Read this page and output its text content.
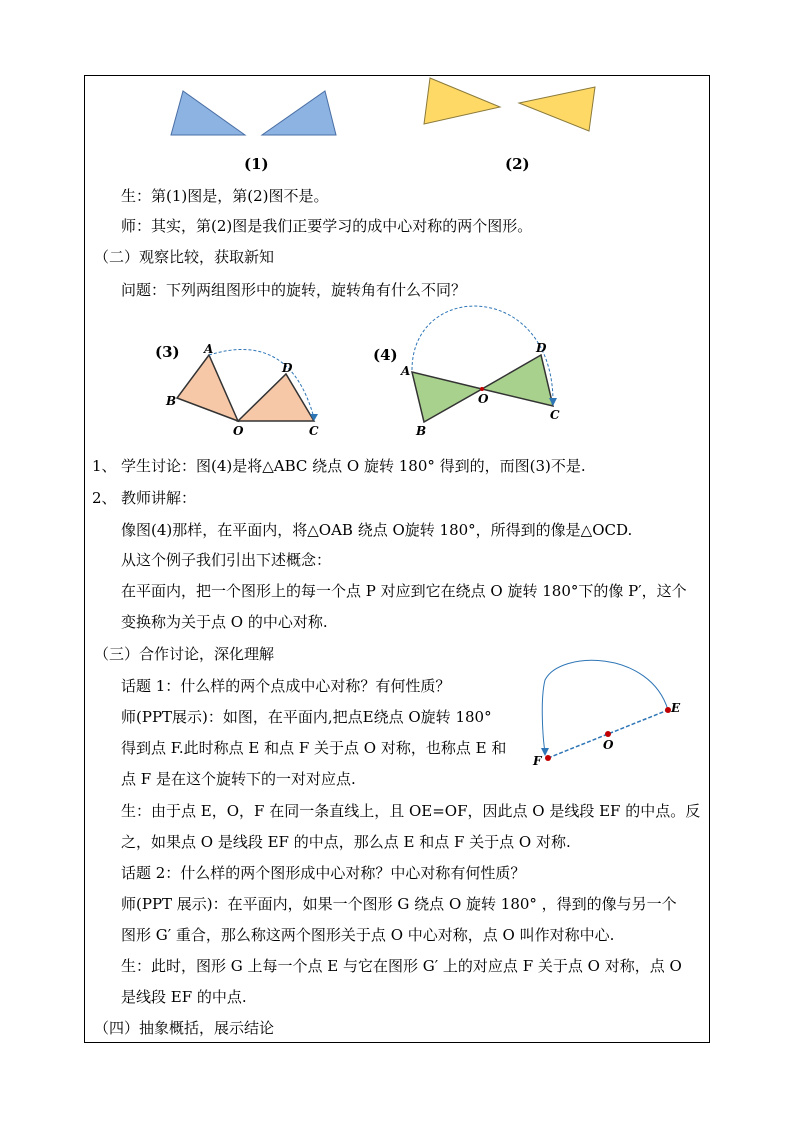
(1)	(2)
生：第(1)图是，第(2)图不是。
师：其实，第(2)图是我们正要学习的成中心对称的两个图形。
（二）观察比较，获取新知
问题：下列两组图形中的旋转，旋转角有什么不同？
(3) A
B
O
D
C
(4)
A
B
O
D
C
1、 学生讨论：图(4)是将△ABC 绕点 O 旋转 180° 得到的，而图(3)不是.
2、 教师讲解：
像图(4)那样，在平面内，将△OAB 绕点 O旋转 180°，所得到的像是△OCD.
从这个例子我们引出下述概念：
在平面内，把一个图形上的每一个点 P 对应到它在绕点 O 旋转 180°下的像 P′，这个
变换称为关于点 O 的中心对称.
（三）合作讨论，深化理解
话题 1：什么样的两个点成中心对称？有何性质？
师(PPT展示)：如图，在平面内,把点E绕点 O旋转 180°
得到点 F.此时称点 E 和点 F 关于点 O 对称，也称点 E 和
点 F 是在这个旋转下的一对对应点.
E
O
F
生：由于点 E，O，F 在同一条直线上，且 OE=OF，因此点 O 是线段 EF 的中点。反
之，如果点 O 是线段 EF 的中点，那么点 E 和点 F 关于点 O 对称.
话题 2：什么样的两个图形成中心对称？中心对称有何性质？
师(PPT 展示)：在平面内，如果一个图形 G 绕点 O 旋转 180° ，得到的像与另一个
图形 G′ 重合，那么称这两个图形关于点 O 中心对称，点 O 叫作对称中心.
生：此时，图形 G 上每一个点 E 与它在图形 G′ 上的对应点 F 关于点 O 对称，点 O
是线段 EF 的中点.
（四）抽象概括，展示结论
